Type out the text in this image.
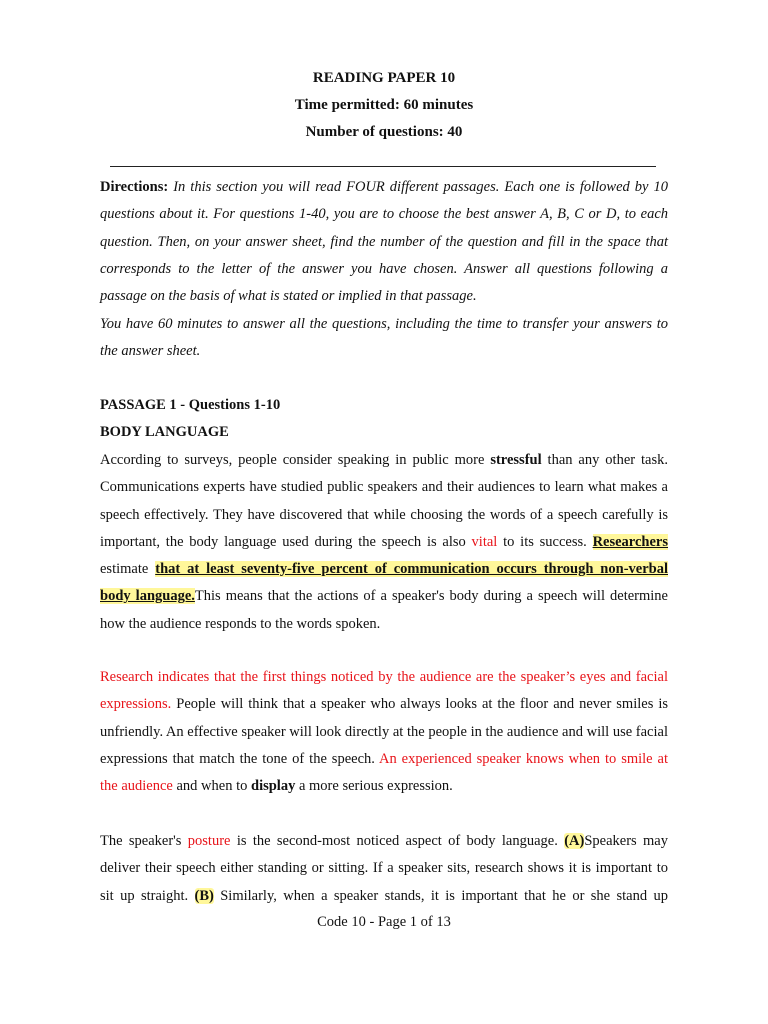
READING PAPER 10
Time permitted: 60 minutes
Number of questions: 40
Directions: In this section you will read FOUR different passages. Each one is followed by 10 questions about it. For questions 1-40, you are to choose the best answer A, B, C or D, to each question. Then, on your answer sheet, find the number of the question and fill in the space that corresponds to the letter of the answer you have chosen. Answer all questions following a passage on the basis of what is stated or implied in that passage.
You have 60 minutes to answer all the questions, including the time to transfer your answers to the answer sheet.
PASSAGE 1 - Questions 1-10
BODY LANGUAGE
According to surveys, people consider speaking in public more stressful than any other task. Communications experts have studied public speakers and their audiences to learn what makes a speech effectively. They have discovered that while choosing the words of a speech carefully is important, the body language used during the speech is also vital to its success. Researchers estimate that at least seventy-five percent of communication occurs through non-verbal body language.This means that the actions of a speaker's body during a speech will determine how the audience responds to the words spoken.
Research indicates that the first things noticed by the audience are the speaker’s eyes and facial expressions. People will think that a speaker who always looks at the floor and never smiles is unfriendly. An effective speaker will look directly at the people in the audience and will use facial expressions that match the tone of the speech. An experienced speaker knows when to smile at the audience and when to display a more serious expression.
The speaker's posture is the second-most noticed aspect of body language. (A)Speakers may deliver their speech either standing or sitting. If a speaker sits, research shows it is important to sit up straight. (B) Similarly, when a speaker stands, it is important that he or she stand up
Code 10 - Page 1 of 13
